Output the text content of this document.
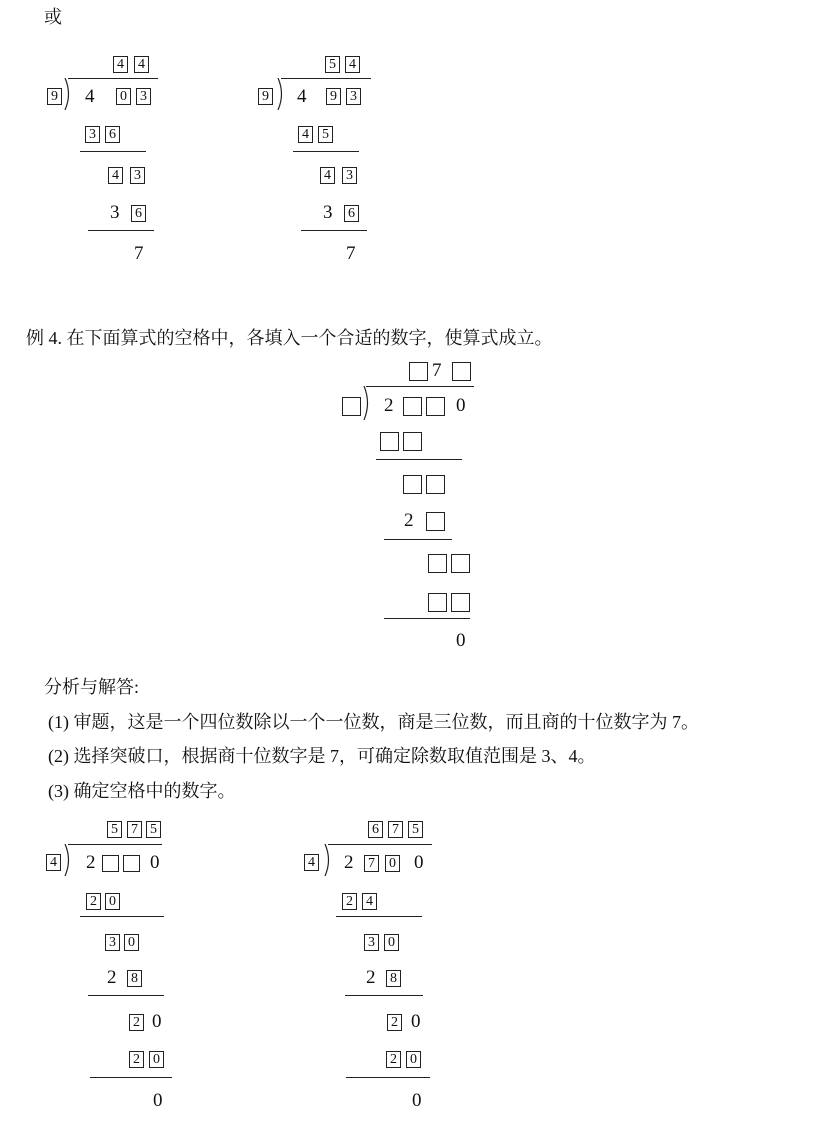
或
4 4
9 4 0 3
3 6
4 3
3 6
7
5 4
9 4 9 3
4 5
4 3
3 6
7
例 4. 在下面算式的空格中，各填入一个合适的数字，使算式成立。
7
2	0
2
0
分析与解答:
(1) 审题，这是一个四位数除以一个一位数，商是三位数，而且商的十位数字为 7。
(2) 选择突破口，根据商十位数字是 7，可确定除数取值范围是 3、4。
(3) 确定空格中的数字。
5 7 5
4 2	0
2 0
3 0
2 8
2 0
2 0
0
6 7 5
4 2 7 0 0
2 4
3 0
2 8
2 0
2 0
0
